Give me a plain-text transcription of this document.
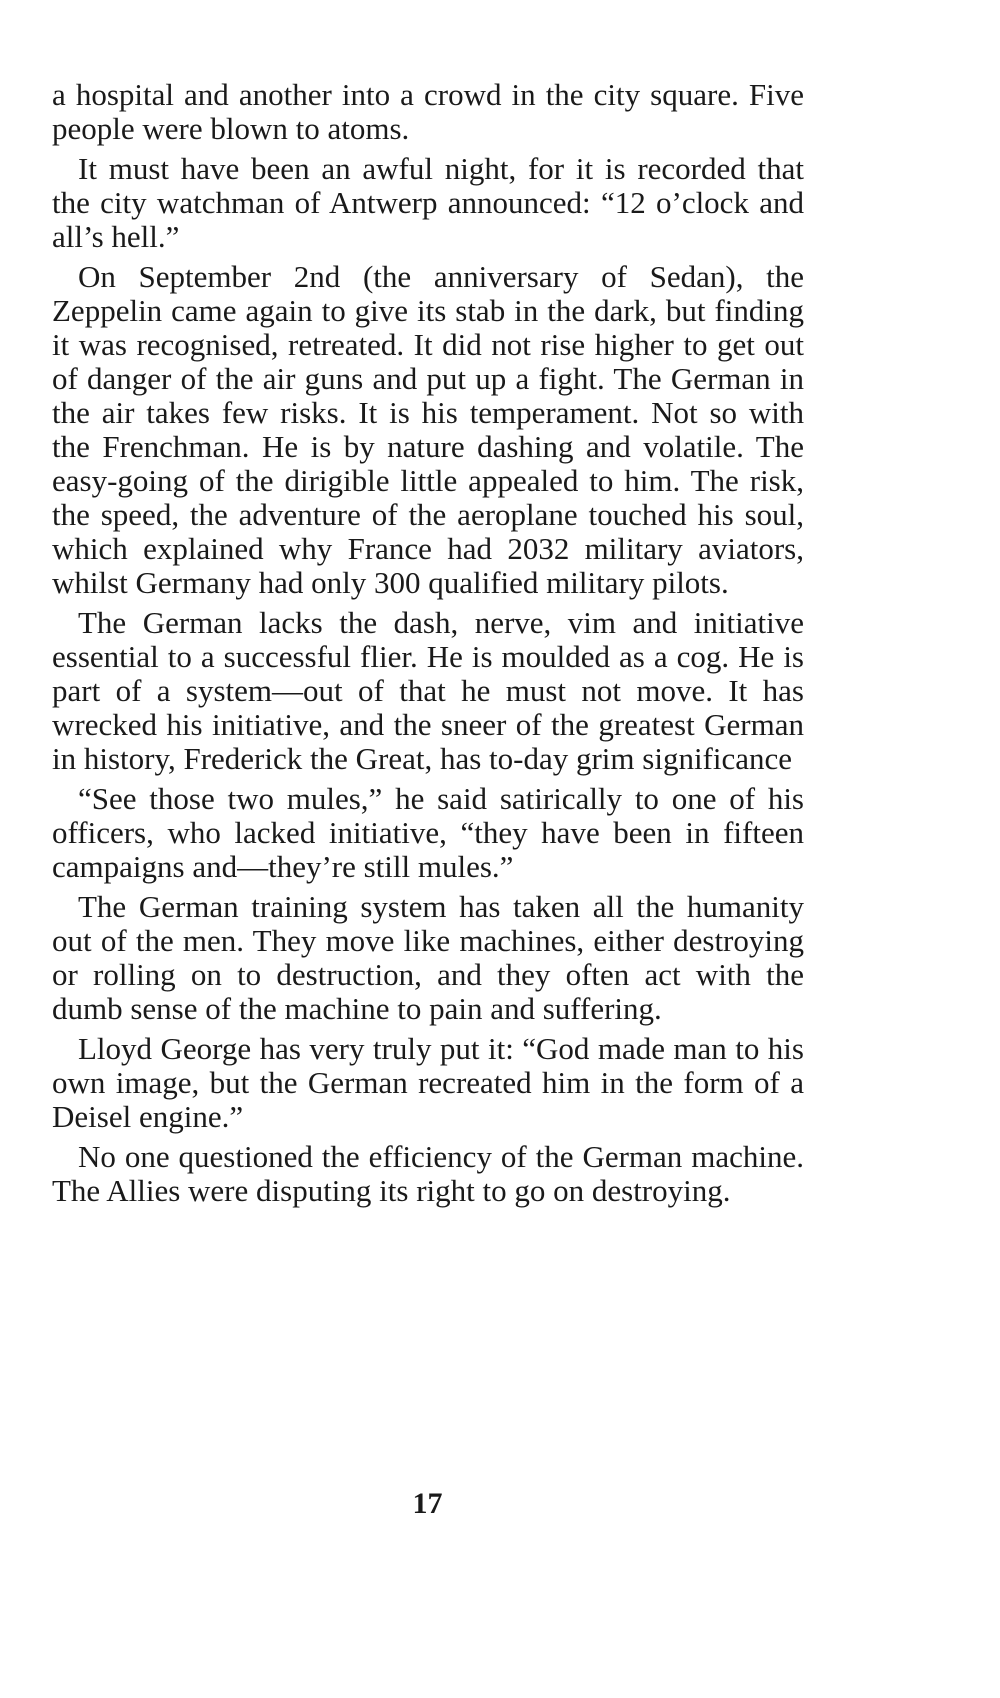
a hospital and another into a crowd in the city square. Five people were blown to atoms.

It must have been an awful night, for it is recorded that the city watchman of Antwerp announced: “12 o’clock and all’s hell.”

On September 2nd (the anniversary of Sedan), the Zeppelin came again to give its stab in the dark, but finding it was recognised, retreated. It did not rise higher to get out of danger of the air guns and put up a fight. The German in the air takes few risks. It is his temperament. Not so with the Frenchman. He is by nature dashing and volatile. The easy-going of the dirigible little appealed to him. The risk, the speed, the adventure of the aeroplane touched his soul, which explained why France had 2032 military aviators, whilst Germany had only 300 qualified military pilots.

The German lacks the dash, nerve, vim and initiative essential to a successful flier. He is moulded as a cog. He is part of a system—out of that he must not move. It has wrecked his initiative, and the sneer of the greatest German in history, Frederick the Great, has to-day grim significance

“See those two mules,” he said satirically to one of his officers, who lacked initiative, “they have been in fifteen campaigns and—they’re still mules.”

The German training system has taken all the humanity out of the men. They move like machines, either destroying or rolling on to destruction, and they often act with the dumb sense of the machine to pain and suffering.

Lloyd George has very truly put it: “God made man to his own image, but the German recreated him in the form of a Deisel engine.”

No one questioned the efficiency of the German machine. The Allies were disputing its right to go on destroying.

17
